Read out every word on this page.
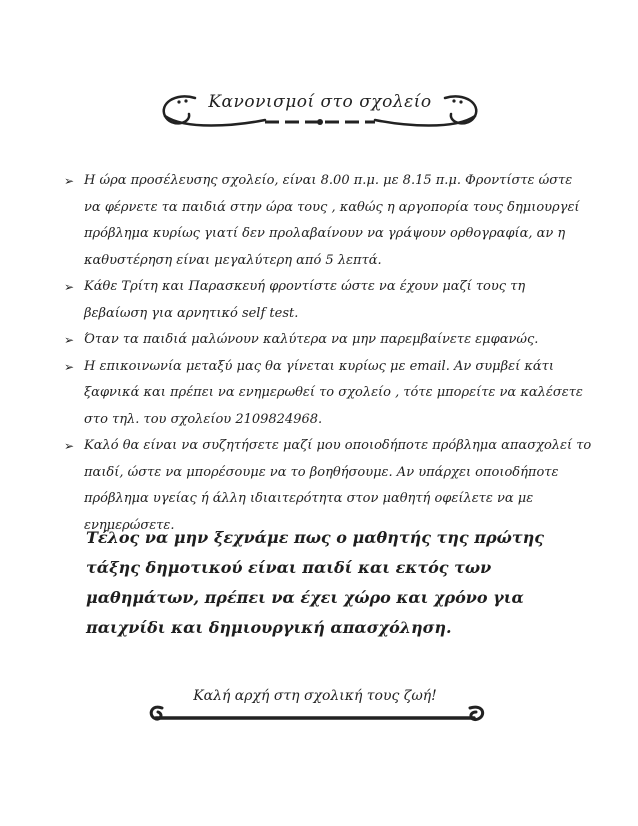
Κανονισμοί στο σχολείο
➢ Η ώρα προσέλευσης σχολείο, είναι 8.00 π.μ. με 8.15 π.μ. Φροντίστε ώστε να φέρνετε τα παιδιά στην ώρα τους , καθώς η αργοπορία τους δημιουργεί πρόβλημα κυρίως γιατί δεν προλαβαίνουν να γράψουν ορθογραφία, αν η καθυστέρηση είναι μεγαλύτερη από 5 λεπτά.
➢ Κάθε Τρίτη και Παρασκευή φροντίστε ώστε να έχουν μαζί τους τη βεβαίωση για αρνητικό self test.
➢ Όταν τα παιδιά μαλώνουν καλύτερα να μην παρεμβαίνετε εμφανώς.
➢ Η επικοινωνία μεταξύ μας θα γίνεται κυρίως με email. Αν συμβεί κάτι ξαφνικά και πρέπει να ενημερωθεί το σχολείο , τότε μπορείτε να καλέσετε στο τηλ. του σχολείου 2109824968.
➢ Καλό θα είναι να συζητήσετε μαζί μου οποιοδήποτε πρόβλημα απασχολεί το παιδί, ώστε να μπορέσουμε να το βοηθήσουμε. Αν υπάρχει οποιοδήποτε πρόβλημα υγείας ή άλλη ιδιαιτερότητα στον μαθητή οφείλετε να με ενημερώσετε.
Τέλος να μην ξεχνάμε πως ο μαθητής της πρώτης τάξης δημοτικού είναι παιδί και εκτός των μαθημάτων, πρέπει να έχει χώρο και χρόνο για παιχνίδι και δημιουργική απασχόληση.
Καλή αρχή στη σχολική τους ζωή!
